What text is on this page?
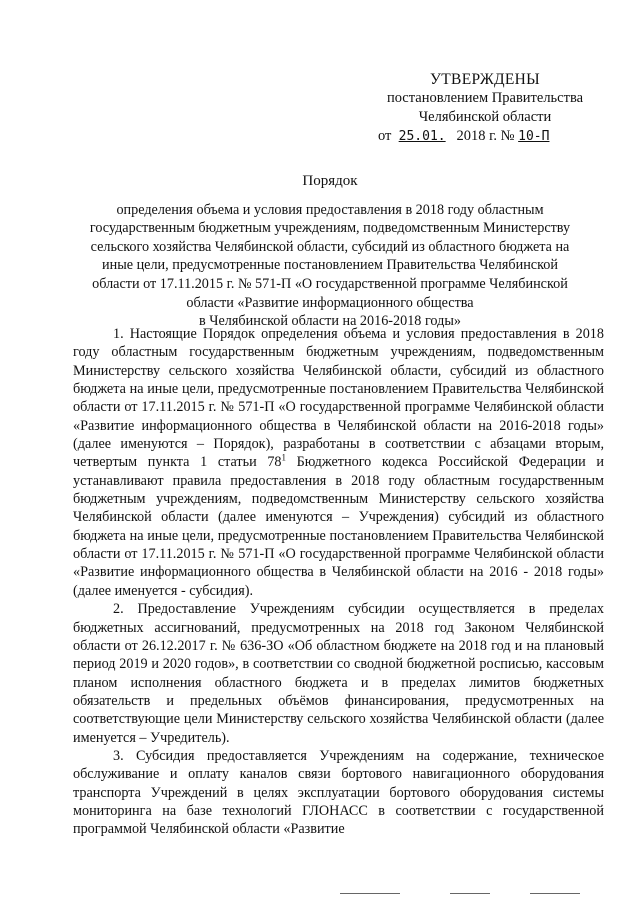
УТВЕРЖДЕНЫ
постановлением Правительства
Челябинской области
от 25.01. 2018 г. № 10-П
Порядок
определения объема и условия предоставления в 2018 году областным
государственным бюджетным учреждениям, подведомственным Министерству
сельского хозяйства Челябинской области, субсидий из областного бюджета на
иные цели, предусмотренные постановлением Правительства Челябинской
области от 17.11.2015 г. № 571-П «О государственной программе Челябинской
области «Развитие информационного общества
в Челябинской области на 2016-2018 годы»

1. Настоящие Порядок определения объема и условия предоставления в 2018 году областным государственным бюджетным учреждениям, подведомственным Министерству сельского хозяйства Челябинской области, субсидий из областного бюджета на иные цели, предусмотренные постановлением Правительства Челябинской области от 17.11.2015 г. № 571-П «О государственной программе Челябинской области «Развитие информационного общества в Челябинской области на 2016-2018 годы» (далее именуются – Порядок), разработаны в соответствии с абзацами вторым, четвертым пункта 1 статьи $78^1$ Бюджетного кодекса Российской Федерации и устанавливают правила предоставления в 2018 году областным государственным бюджетным учреждениям, подведомственным Министерству сельского хозяйства Челябинской области (далее именуются – Учреждения) субсидий из областного бюджета на иные цели, предусмотренные постановлением Правительства Челябинской области от 17.11.2015 г. № 571-П «О государственной программе Челябинской области «Развитие информационного общества в Челябинской области на 2016 - 2018 годы» (далее именуется - субсидия).

2. Предоставление Учреждениям субсидии осуществляется в пределах бюджетных ассигнований, предусмотренных на 2018 год Законом Челябинской области от 26.12.2017 г. № 636-ЗО «Об областном бюджете на 2018 год и на плановый период 2019 и 2020 годов», в соответствии со сводной бюджетной росписью, кассовым планом исполнения областного бюджета и в пределах лимитов бюджетных обязательств и предельных объёмов финансирования, предусмотренных на соответствующие цели Министерству сельского хозяйства Челябинской области (далее именуется – Учредитель).

3. Субсидия предоставляется Учреждениям на содержание, техническое обслуживание и оплату каналов связи бортового навигационного оборудования транспорта Учреждений в целях эксплуатации бортового оборудования системы мониторинга на базе технологий ГЛОНАСС в соответствии с государственной программой Челябинской области «Развитие
